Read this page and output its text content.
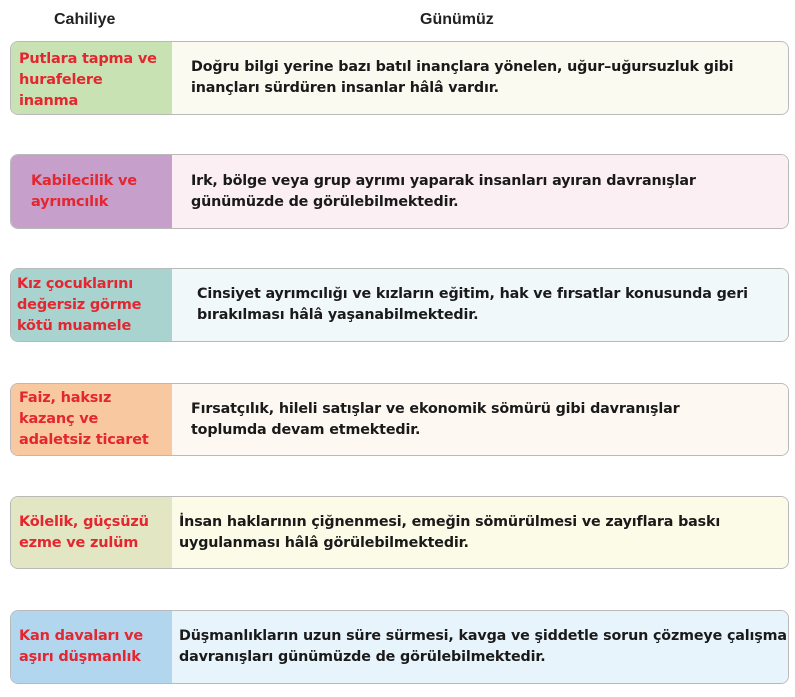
Cahiliye	Günümüz
Putlara tapma ve hurafelere inanma
Doğru bilgi yerine bazı batıl inançlara yönelen, uğur–uğursuzluk gibi inançları sürdüren insanlar hâlâ vardır.
Kabilecilik ve ayrımcılık
Irk, bölge veya grup ayrımı yaparak insanları ayıran davranışlar günümüzde de görülebilmektedir.
Kız çocuklarını değersiz görme kötü muamele
Cinsiyet ayrımcılığı ve kızların eğitim, hak ve fırsatlar konusunda geri bırakılması hâlâ yaşanabilmektedir.
Faiz, haksız kazanç ve adaletsiz ticaret
Fırsatçılık, hileli satışlar ve ekonomik sömürü gibi davranışlar toplumda devam etmektedir.
Kölelik, güçsüzü ezme ve zulüm
İnsan haklarının çiğnenmesi, emeğin sömürülmesi ve zayıflara baskı uygulanması hâlâ görülebilmektedir.
Kan davaları ve aşırı düşmanlık
Düşmanlıkların uzun süre sürmesi, kavga ve şiddetle sorun çözmeye çalışma davranışları günümüzde de görülebilmektedir.
